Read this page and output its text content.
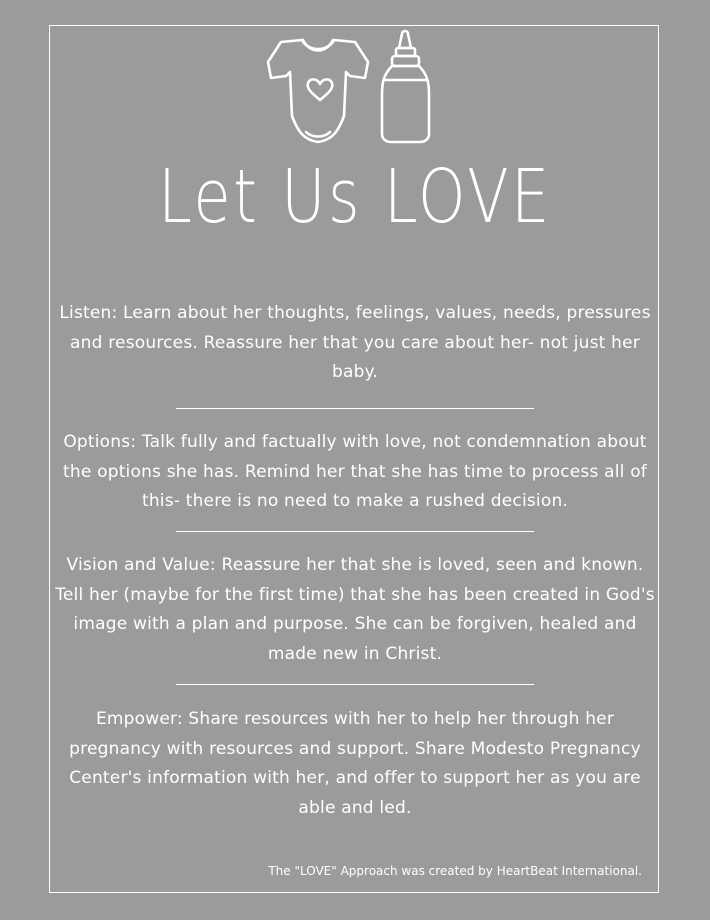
Let Us LOVE

Listen: Learn about her thoughts, feelings, values, needs, pressures and resources. Reassure her that you care about her- not just her baby.

Options: Talk fully and factually with love, not condemnation about the options she has. Remind her that she has time to process all of this- there is no need to make a rushed decision.

Vision and Value: Reassure her that she is loved, seen and known. Tell her (maybe for the first time) that she has been created in God's image with a plan and purpose. She can be forgiven, healed and made new in Christ.

Empower: Share resources with her to help her through her pregnancy with resources and support. Share Modesto Pregnancy Center's information with her, and offer to support her as you are able and led.

The "LOVE" Approach was created by HeartBeat International.
